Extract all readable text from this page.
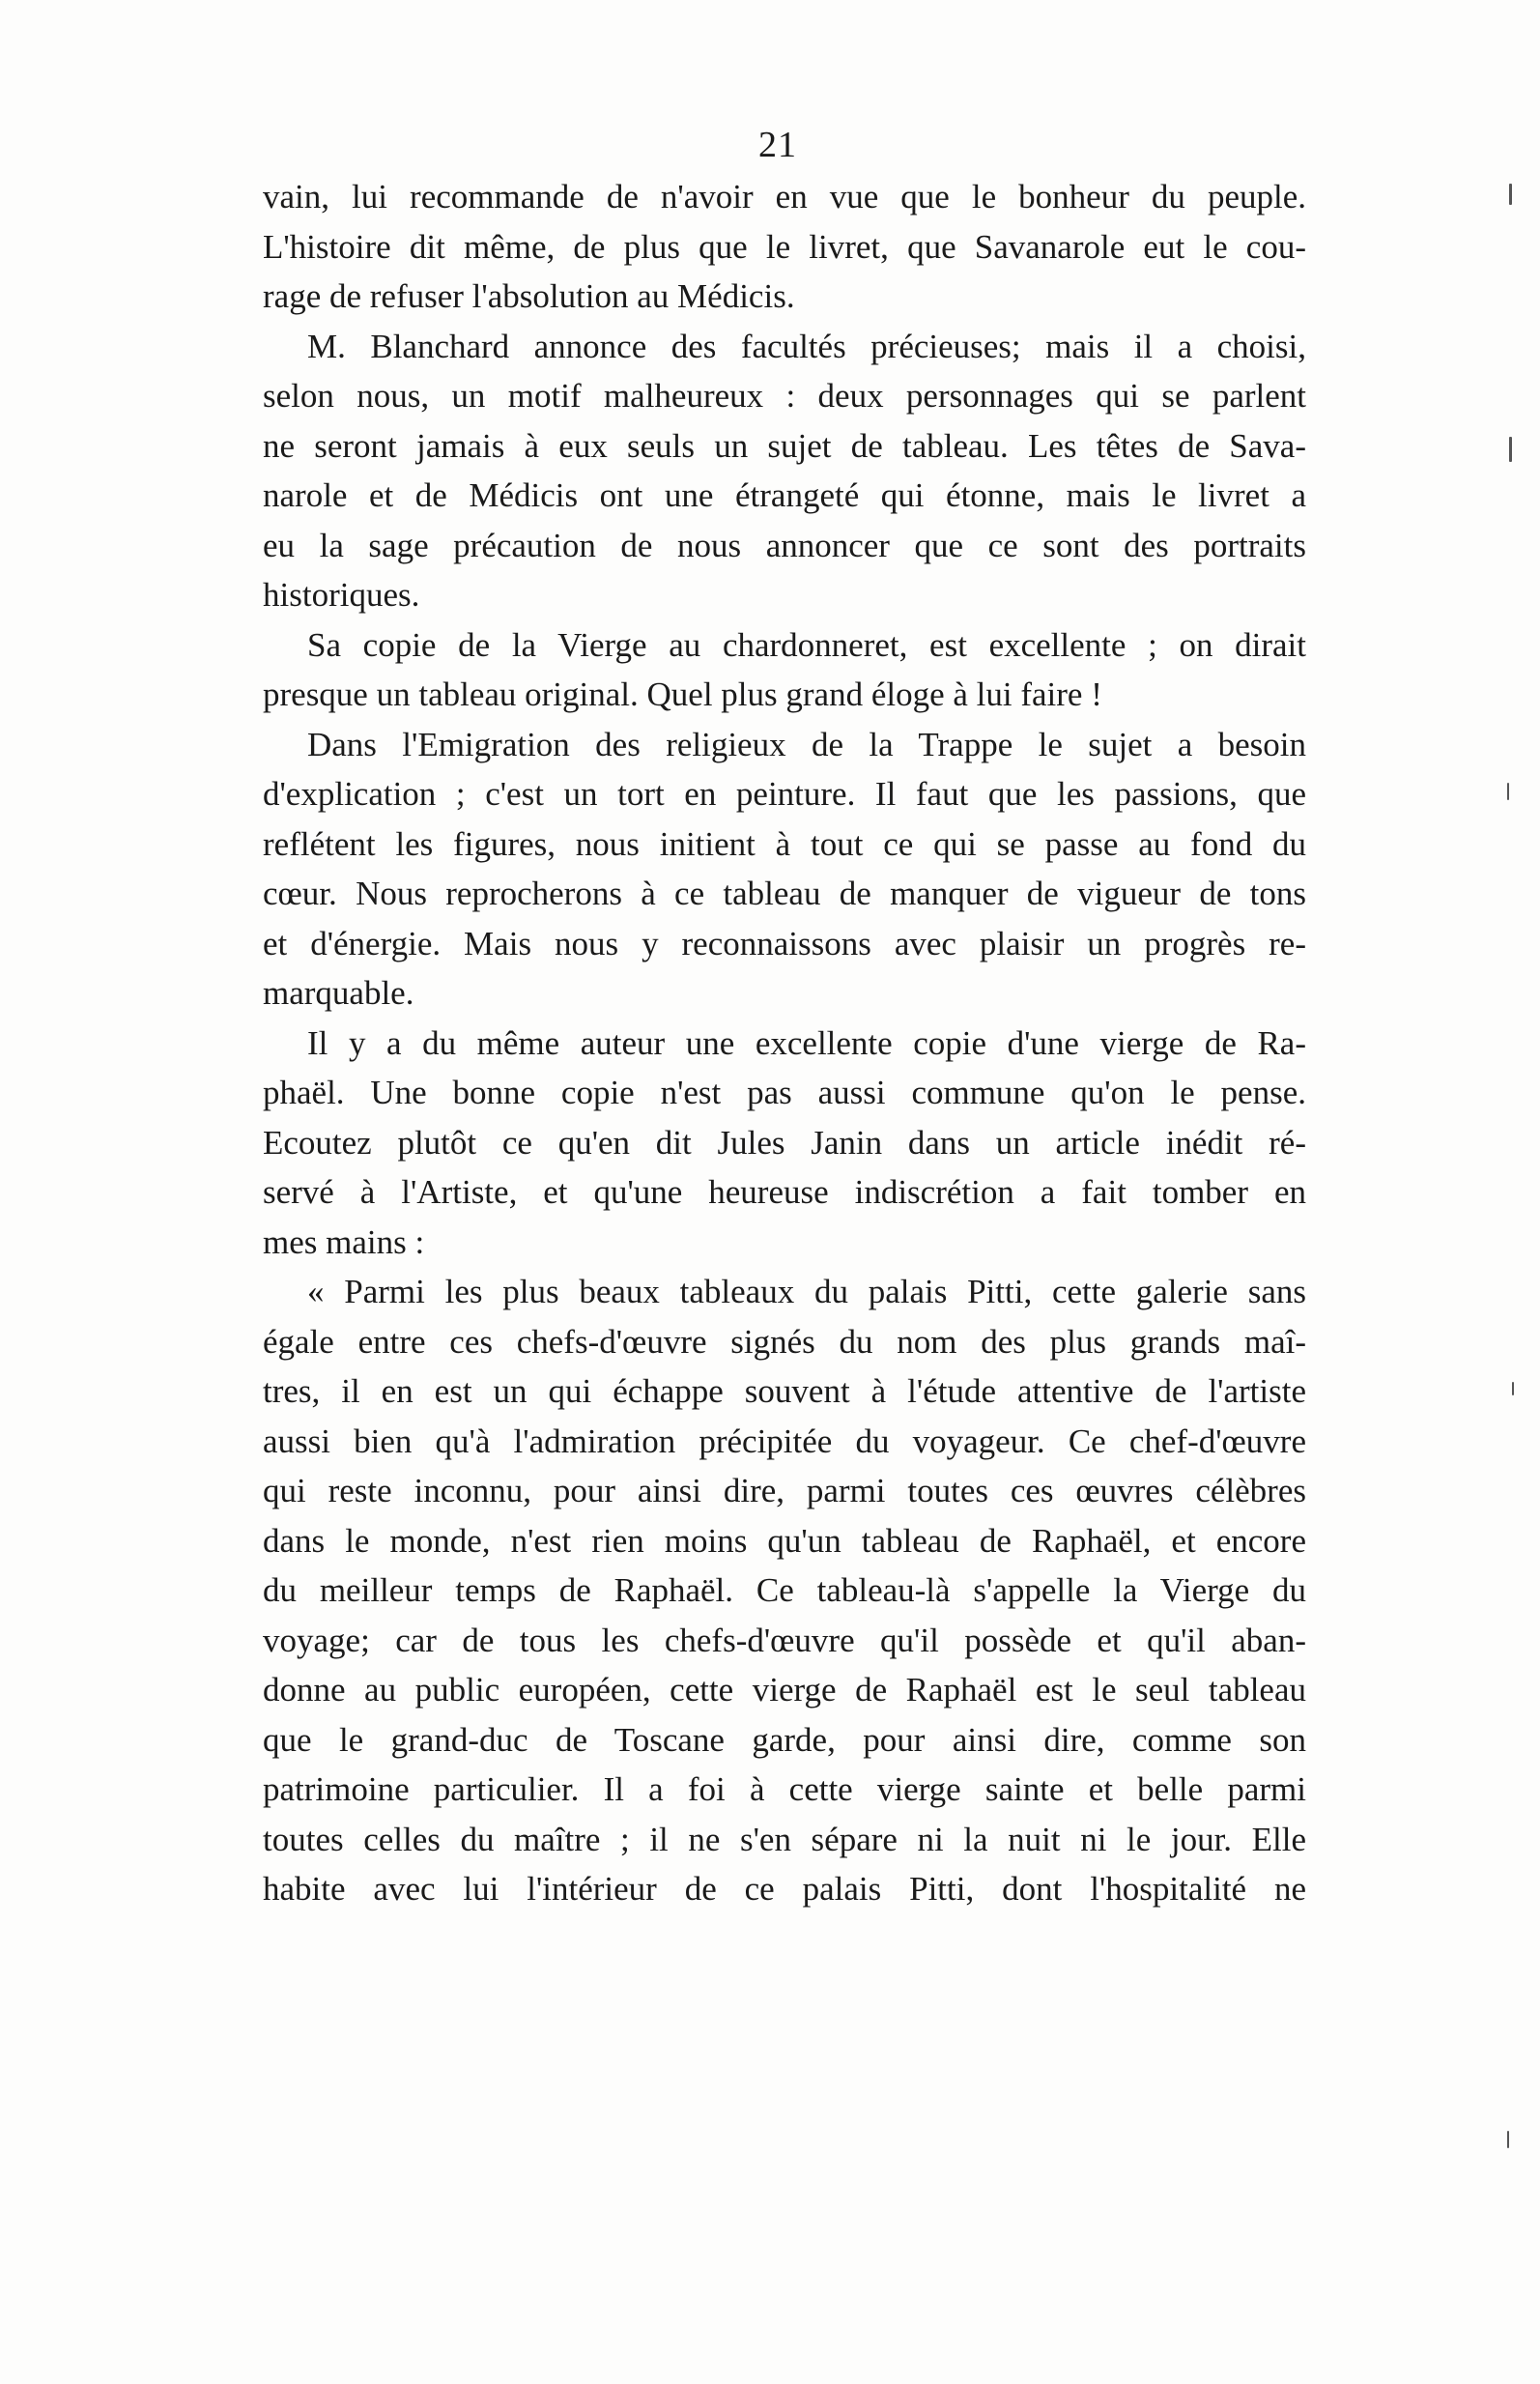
21
vain, lui recommande de n'avoir en vue que le bonheur du peuple.
L'histoire dit même, de plus que le livret, que Savanarole eut le cou-
rage de refuser l'absolution au Médicis.
M. Blanchard annonce des facultés précieuses; mais il a choisi,
selon nous, un motif malheureux : deux personnages qui se parlent
ne seront jamais à eux seuls un sujet de tableau. Les têtes de Sava-
narole et de Médicis ont une étrangeté qui étonne, mais le livret a
eu la sage précaution de nous annoncer que ce sont des portraits
historiques.
Sa copie de la Vierge au chardonneret, est excellente ; on dirait
presque un tableau original. Quel plus grand éloge à lui faire !
Dans l'Emigration des religieux de la Trappe le sujet a besoin
d'explication ; c'est un tort en peinture. Il faut que les passions, que
reflétent les figures, nous initient à tout ce qui se passe au fond du
cœur. Nous reprocherons à ce tableau de manquer de vigueur de tons
et d'énergie. Mais nous y reconnaissons avec plaisir un progrès re-
marquable.
Il y a du même auteur une excellente copie d'une vierge de Ra-
phaël. Une bonne copie n'est pas aussi commune qu'on le pense.
Ecoutez plutôt ce qu'en dit Jules Janin dans un article inédit ré-
servé à l'Artiste, et qu'une heureuse indiscrétion a fait tomber en
mes mains :
« Parmi les plus beaux tableaux du palais Pitti, cette galerie sans
égale entre ces chefs-d'œuvre signés du nom des plus grands maî-
tres, il en est un qui échappe souvent à l'étude attentive de l'artiste
aussi bien qu'à l'admiration précipitée du voyageur. Ce chef-d'œuvre
qui reste inconnu, pour ainsi dire, parmi toutes ces œuvres célèbres
dans le monde, n'est rien moins qu'un tableau de Raphaël, et encore
du meilleur temps de Raphaël. Ce tableau-là s'appelle la Vierge du
voyage; car de tous les chefs-d'œuvre qu'il possède et qu'il aban-
donne au public européen, cette vierge de Raphaël est le seul tableau
que le grand-duc de Toscane garde, pour ainsi dire, comme son
patrimoine particulier. Il a foi à cette vierge sainte et belle parmi
toutes celles du maître ; il ne s'en sépare ni la nuit ni le jour. Elle
habite avec lui l'intérieur de ce palais Pitti, dont l'hospitalité ne
